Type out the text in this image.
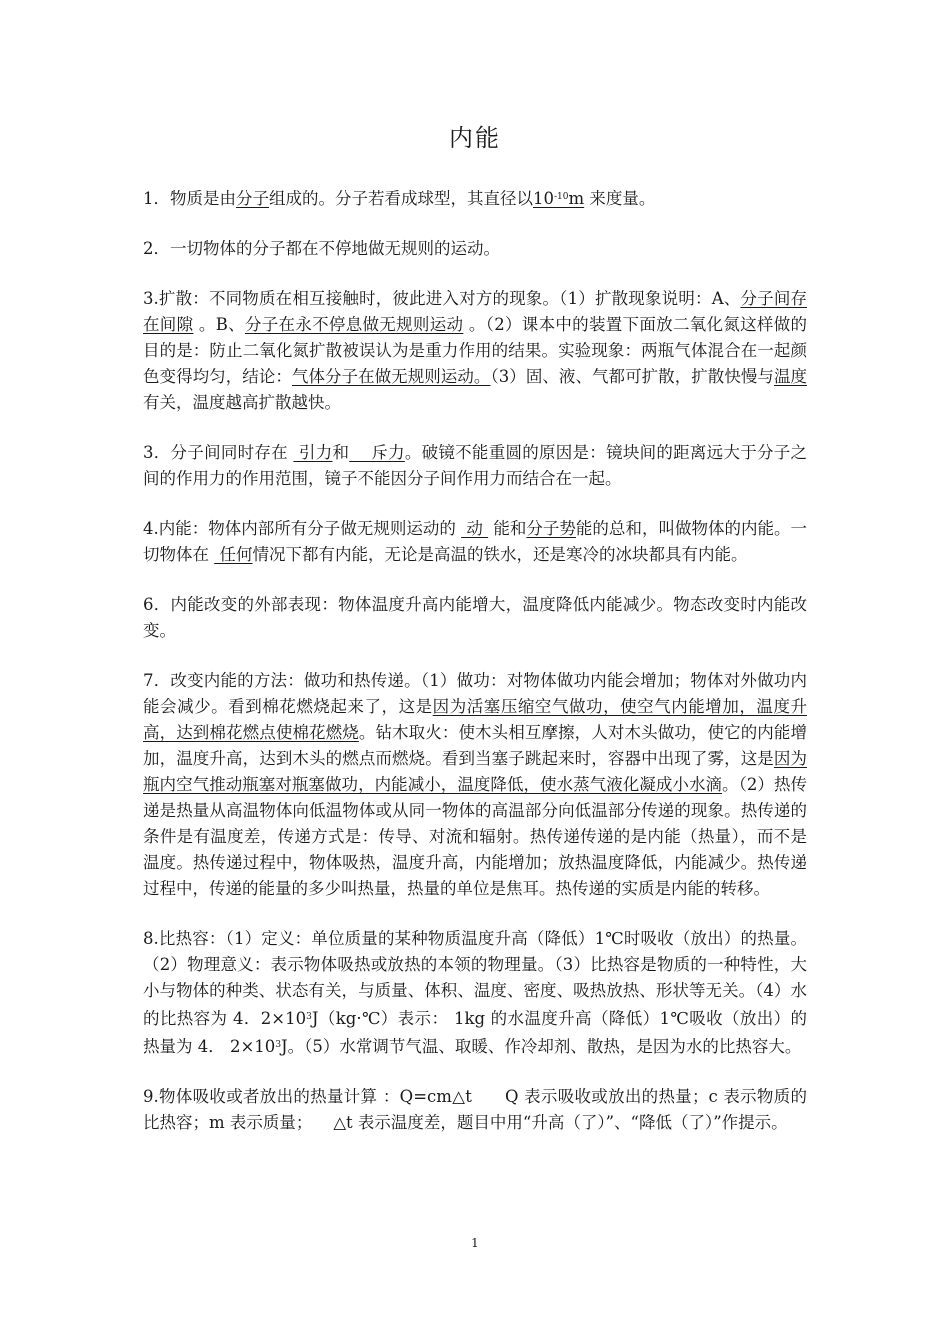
内能

1．物质是由分子组成的。分子若看成球型，其直径以$10^{-10}m$ 来度量。

2．一切物体的分子都在不停地做无规则的运动。

3.扩散：不同物质在相互接触时，彼此进入对方的现象。（1）扩散现象说明：A、分子间存在间隙 。B、分子在永不停息做无规则运动 。（2）课本中的装置下面放二氧化氮这样做的目的是：防止二氧化氮扩散被误认为是重力作用的结果。实验现象：两瓶气体混合在一起颜色变得均匀，结论：气体分子在做无规则运动。（3）固、液、气都可扩散，扩散快慢与温度有关，温度越高扩散越快。

3．分子间同时存在  引力和    斥力。破镜不能重圆的原因是：镜块间的距离远大于分子之间的作用力的作用范围，镜子不能因分子间作用力而结合在一起。

4.内能：物体内部所有分子做无规则运动的  动  能和分子势能的总和，叫做物体的内能。一切物体在  任何情况下都有内能，无论是高温的铁水，还是寒冷的冰块都具有内能。

6．内能改变的外部表现：物体温度升高内能增大，温度降低内能减少。物态改变时内能改变。

7．改变内能的方法：做功和热传递。（1）做功：对物体做功内能会增加；物体对外做功内能会减少。看到棉花燃烧起来了，这是因为活塞压缩空气做功，使空气内能增加，温度升高，达到棉花燃点使棉花燃烧。钻木取火：使木头相互摩擦，人对木头做功，使它的内能增加，温度升高，达到木头的燃点而燃烧。看到当塞子跳起来时，容器中出现了雾，这是因为瓶内空气推动瓶塞对瓶塞做功，内能减小，温度降低，使水蒸气液化凝成小水滴。（2）热传递是热量从高温物体向低温物体或从同一物体的高温部分向低温部分传递的现象。热传递的条件是有温度差，传递方式是：传导、对流和辐射。热传递传递的是内能（热量），而不是温度。热传递过程中，物体吸热，温度升高，内能增加；放热温度降低，内能减少。热传递过程中，传递的能量的多少叫热量，热量的单位是焦耳。热传递的实质是内能的转移。

8.比热容：（1）定义：单位质量的某种物质温度升高（降低）1℃时吸收（放出）的热量。（2）物理意义：表示物体吸热或放热的本领的物理量。（3）比热容是物质的一种特性，大小与物体的种类、状态有关，与质量、体积、温度、密度、吸热放热、形状等无关。（4）水的比热容为 4．$2\times 10^3J(kg\cdot℃)$表示： 1kg 的水温度升高（降低）1℃吸收（放出）的热量为 4． $2\times 10^3J$。（5）水常调节气温、取暖、作冷却剂、散热，是因为水的比热容大。

9.物体吸收或者放出的热量计算 ：Q=cm△t      Q 表示吸收或放出的热量；c 表示物质的比热容；m 表示质量；    △t 表示温度差，题目中用“升高（了）”、“降低（了）”作提示。

1
